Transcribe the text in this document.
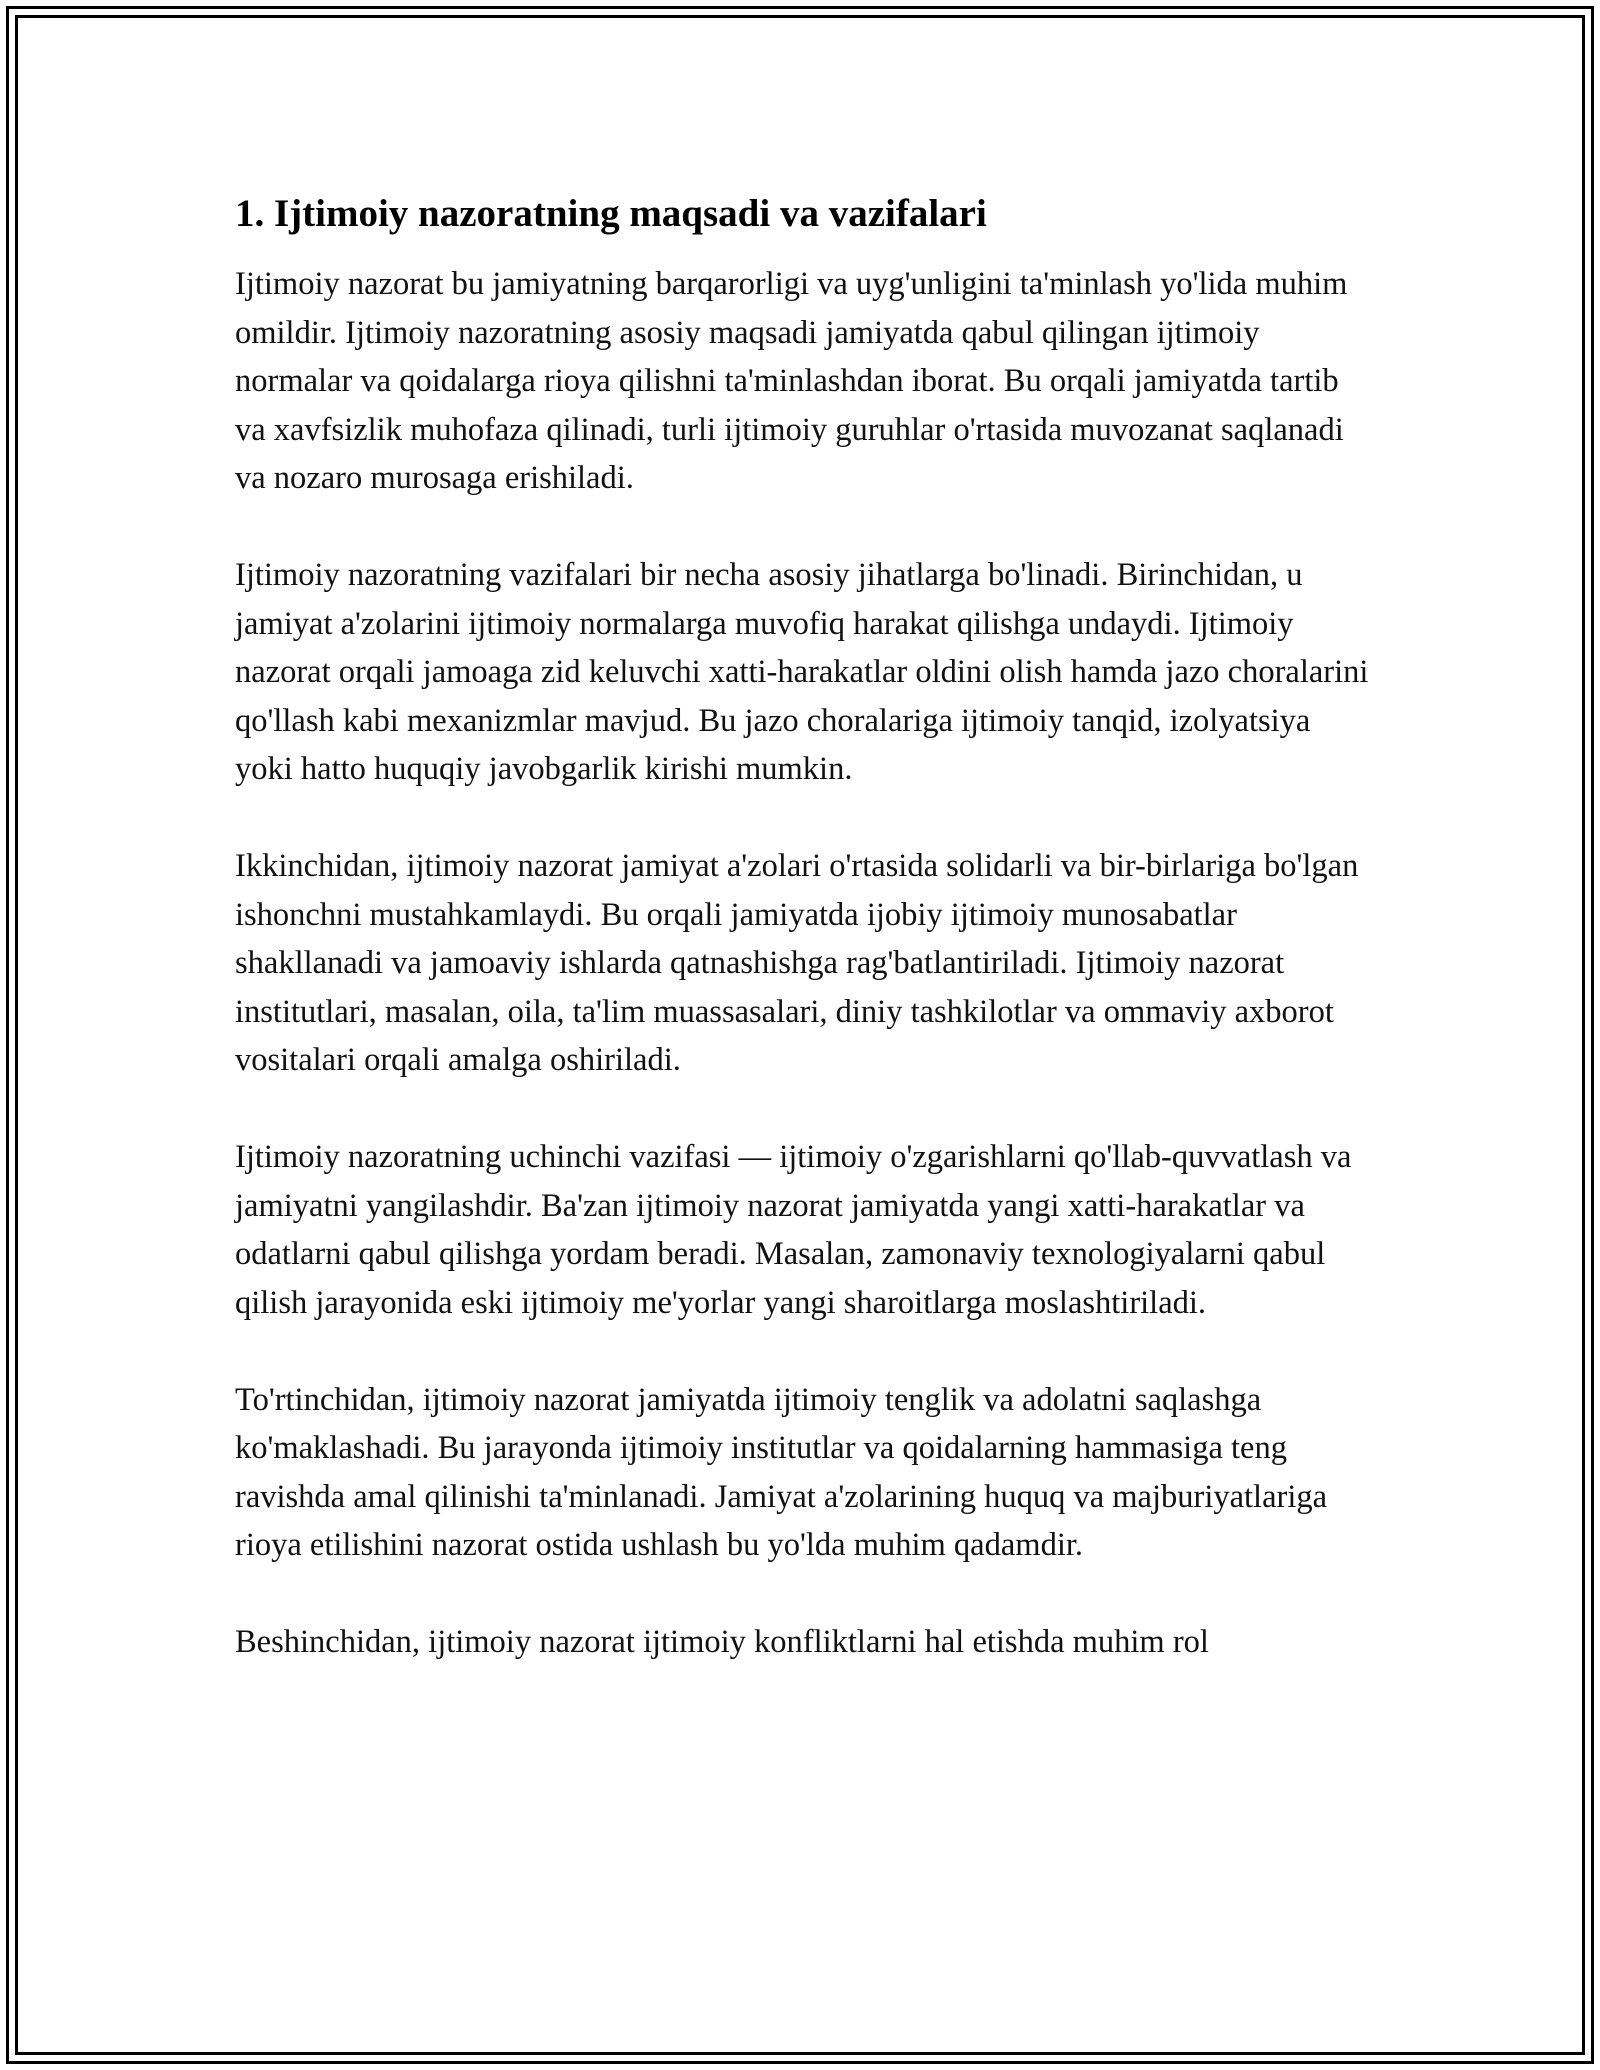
1. Ijtimoiy nazoratning maqsadi va vazifalari

Ijtimoiy nazorat bu jamiyatning barqarorligi va uyg'unligini ta'minlash yo'lida muhim omildir. Ijtimoiy nazoratning asosiy maqsadi jamiyatda qabul qilingan ijtimoiy normalar va qoidalarga rioya qilishni ta'minlashdan iborat. Bu orqali jamiyatda tartib va xavfsizlik muhofaza qilinadi, turli ijtimoiy guruhlar o'rtasida muvozanat saqlanadi va nozaro murosaga erishiladi.

Ijtimoiy nazoratning vazifalari bir necha asosiy jihatlarga bo'linadi. Birinchidan, u jamiyat a'zolarini ijtimoiy normalarga muvofiq harakat qilishga undaydi. Ijtimoiy nazorat orqali jamoaga zid keluvchi xatti-harakatlar oldini olish hamda jazo choralarini qo'llash kabi mexanizmlar mavjud. Bu jazo choralariga ijtimoiy tanqid, izolyatsiya yoki hatto huquqiy javobgarlik kirishi mumkin.

Ikkinchidan, ijtimoiy nazorat jamiyat a'zolari o'rtasida solidarli va bir-birlariga bo'lgan ishonchni mustahkamlaydi. Bu orqali jamiyatda ijobiy ijtimoiy munosabatlar shakllanadi va jamoaviy ishlarda qatnashishga rag'batlantiriladi. Ijtimoiy nazorat institutlari, masalan, oila, ta'lim muassasalari, diniy tashkilotlar va ommaviy axborot vositalari orqali amalga oshiriladi.

Ijtimoiy nazoratning uchinchi vazifasi — ijtimoiy o'zgarishlarni qo'llab-quvvatlash va jamiyatni yangilashdir. Ba'zan ijtimoiy nazorat jamiyatda yangi xatti-harakatlar va odatlarni qabul qilishga yordam beradi. Masalan, zamonaviy texnologiyalarni qabul qilish jarayonida eski ijtimoiy me'yorlar yangi sharoitlarga moslashtiriladi.

To'rtinchidan, ijtimoiy nazorat jamiyatda ijtimoiy tenglik va adolatni saqlashga ko'maklashadi. Bu jarayonda ijtimoiy institutlar va qoidalarning hammasiga teng ravishda amal qilinishi ta'minlanadi. Jamiyat a'zolarining huquq va majburiyatlariga rioya etilishini nazorat ostida ushlash bu yo'lda muhim qadamdir.

Beshinchidan, ijtimoiy nazorat ijtimoiy konfliktlarni hal etishda muhim rol
